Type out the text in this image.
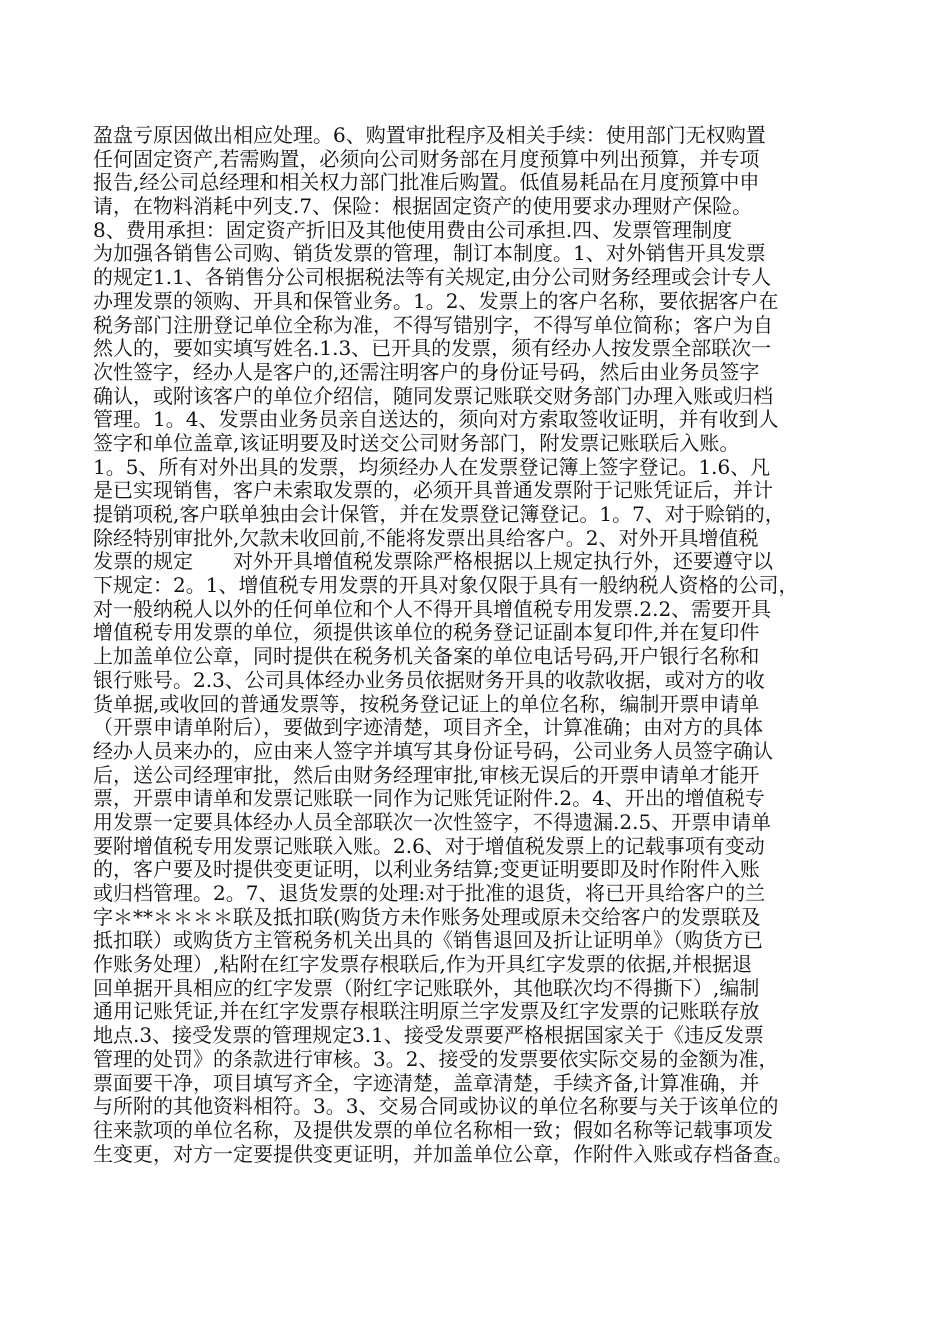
盈盘亏原因做出相应处理。6、购置审批程序及相关手续：使用部门无权购置
任何固定资产,若需购置，必须向公司财务部在月度预算中列出预算，并专项
报告,经公司总经理和相关权力部门批准后购置。低值易耗品在月度预算中申
请，在物料消耗中列支.7、保险：根据固定资产的使用要求办理财产保险。
8、费用承担：固定资产折旧及其他使用费由公司承担.四、发票管理制度
为加强各销售公司购、销货发票的管理，制订本制度。1、对外销售开具发票
的规定1.1、各销售分公司根据税法等有关规定,由分公司财务经理或会计专人
办理发票的领购、开具和保管业务。1。2、发票上的客户名称，要依据客户在
税务部门注册登记单位全称为准，不得写错别字，不得写单位简称；客户为自
然人的，要如实填写姓名.1.3、已开具的发票，须有经办人按发票全部联次一
次性签字，经办人是客户的,还需注明客户的身份证号码，然后由业务员签字
确认，或附该客户的单位介绍信，随同发票记账联交财务部门办理入账或归档
管理。1。4、发票由业务员亲自送达的，须向对方索取签收证明，并有收到人
签字和单位盖章,该证明要及时送交公司财务部门，附发票记账联后入账。
1。5、所有对外出具的发票，均须经办人在发票登记簿上签字登记。1.6、凡
是已实现销售，客户未索取发票的，必须开具普通发票附于记账凭证后，并计
提销项税,客户联单独由会计保管，并在发票登记簿登记。1。7、对于赊销的，
除经特别审批外,欠款未收回前,不能将发票出具给客户。2、对外开具增值税
发票的规定　　对外开具增值税发票除严格根据以上规定执行外，还要遵守以
下规定：2。1、增值税专用发票的开具对象仅限于具有一般纳税人资格的公司，
对一般纳税人以外的任何单位和个人不得开具增值税专用发票.2.2、需要开具
增值税专用发票的单位，须提供该单位的税务登记证副本复印件,并在复印件
上加盖单位公章，同时提供在税务机关备案的单位电话号码,开户银行名称和
银行账号。2.3、公司具体经办业务员依据财务开具的收款收据，或对方的收
货单据,或收回的普通发票等，按税务登记证上的单位名称，编制开票申请单
（开票申请单附后），要做到字迹清楚，项目齐全，计算准确；由对方的具体
经办人员来办的，应由来人签字并填写其身份证号码，公司业务人员签字确认
后，送公司经理审批，然后由财务经理审批,审核无误后的开票申请单才能开
票，开票申请单和发票记账联一同作为记账凭证附件.2。4、开出的增值税专
用发票一定要具体经办人员全部联次一次性签字，不得遗漏.2.5、开票申请单
要附增值税专用发票记账联入账。2.6、对于增值税发票上的记载事项有变动
的，客户要及时提供变更证明，以利业务结算;变更证明要即及时作附件入账
或归档管理。2。7、退货发票的处理:对于批准的退货，将已开具给客户的兰
字＊**＊＊＊＊联及抵扣联(购货方未作账务处理或原未交给客户的发票联及
抵扣联）或购货方主管税务机关出具的《销售退回及折让证明单》（购货方已
作账务处理）,粘附在红字发票存根联后,作为开具红字发票的依据,并根据退
回单据开具相应的红字发票（附红字记账联外，其他联次均不得撕下）,编制
通用记账凭证,并在红字发票存根联注明原兰字发票及红字发票的记账联存放
地点.3、接受发票的管理规定3.1、接受发票要严格根据国家关于《违反发票
管理的处罚》的条款进行审核。3。2、接受的发票要依实际交易的金额为准，
票面要干净，项目填写齐全，字迹清楚，盖章清楚，手续齐备,计算准确，并
与所附的其他资料相符。3。3、交易合同或协议的单位名称要与关于该单位的
往来款项的单位名称，及提供发票的单位名称相一致；假如名称等记载事项发
生变更，对方一定要提供变更证明，并加盖单位公章，作附件入账或存档备查。
